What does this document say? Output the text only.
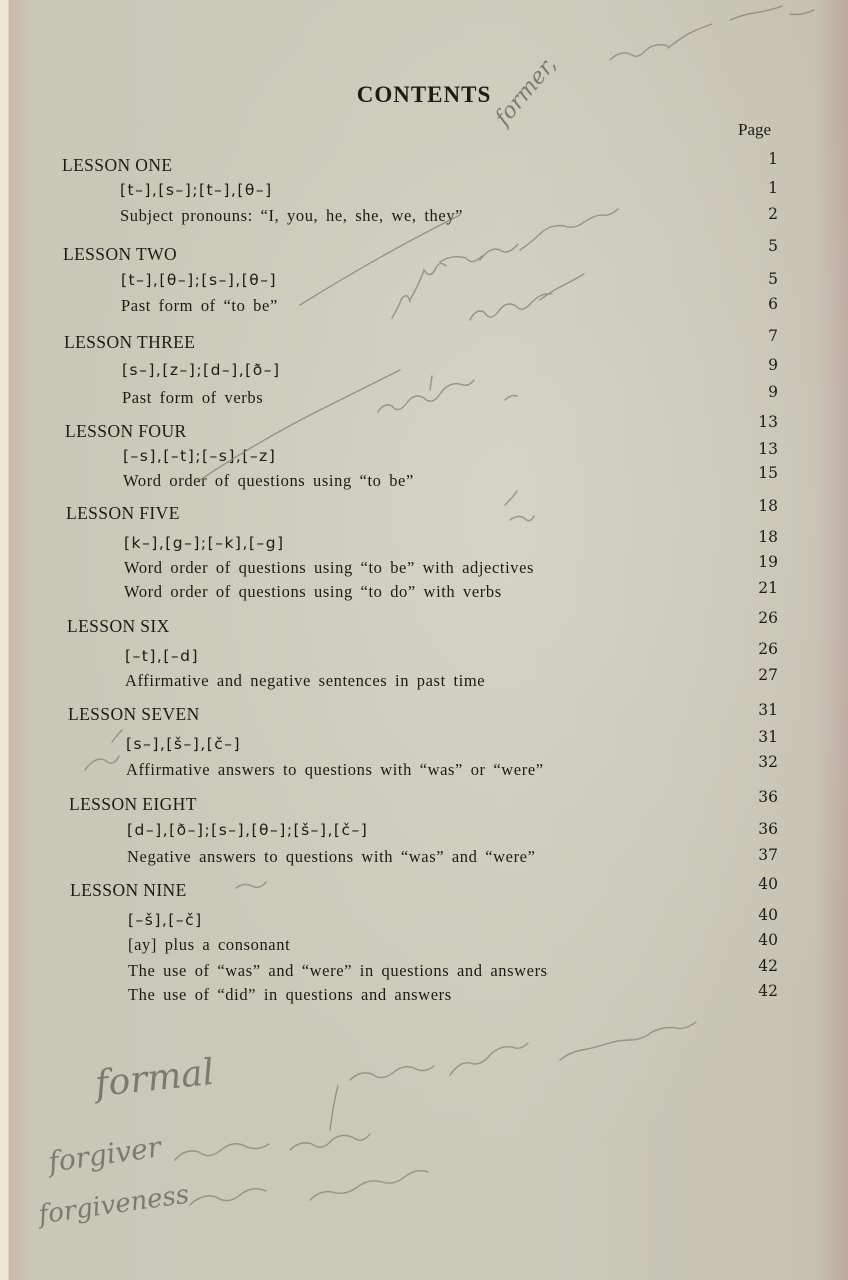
CONTENTS
Page
LESSON ONE	1
[t–],[s–];[t–],[θ–]	1
Subject pronouns: “I, you, he, she, we, they”	2
LESSON TWO	5
[t–],[θ–];[s–],[θ–]	5
Past form of “to be”	6
LESSON THREE	7
[s–],[z–];[d–],[ð–]	9
Past form of verbs	9
LESSON FOUR	13
[–s],[–t];[–s],[–z]	13
Word order of questions using “to be”	15
LESSON FIVE	18
[k–],[g–];[–k],[–g]	18
Word order of questions using “to be” with adjectives	19
Word order of questions using “to do” with verbs	21
LESSON SIX	26
[–t],[–d]	26
Affirmative and negative sentences in past time	27
LESSON SEVEN	31
[s–],[š–],[č–]	31
Affirmative answers to questions with “was” or “were”	32
LESSON EIGHT	36
[d–],[ð–];[s–],[θ–];[š–],[č–]	36
Negative answers to questions with “was” and “were”	37
LESSON NINE	40
[–š],[–č]	40
[ay] plus a consonant	40
The use of “was” and “were” in questions and answers	42
The use of “did” in questions and answers	42
former,
formal
forgiver
forgiveness
